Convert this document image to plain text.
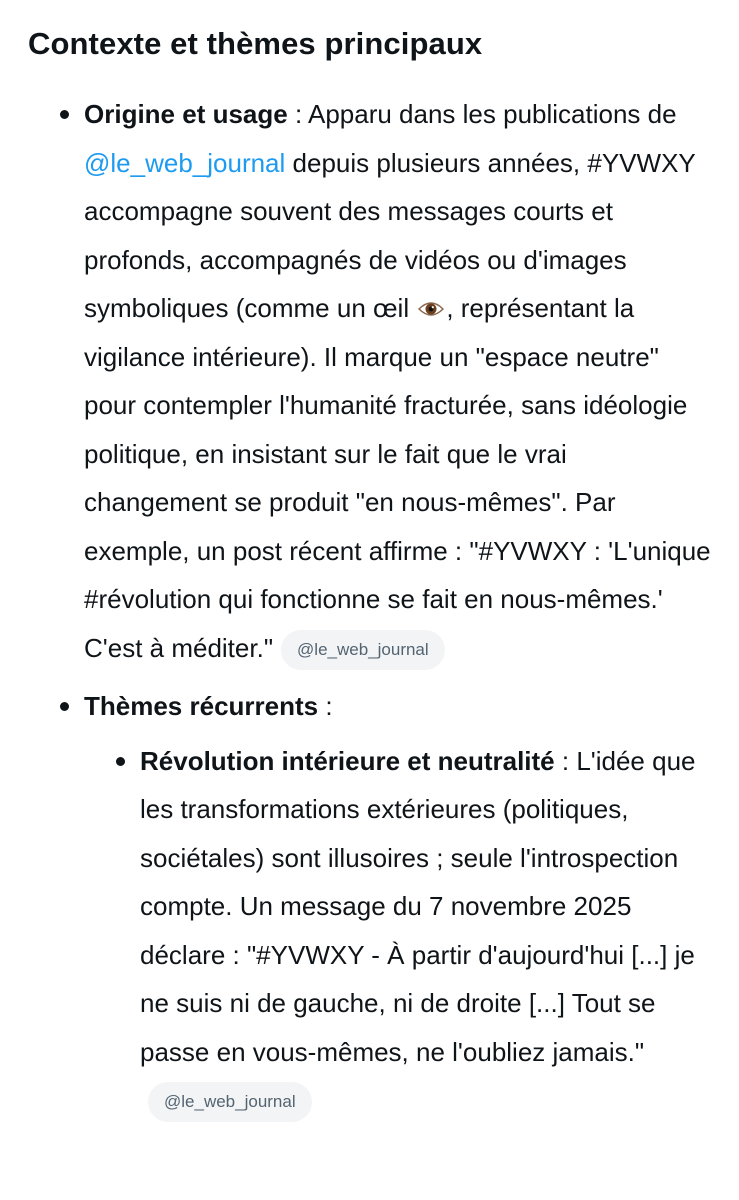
Contexte et thèmes principaux
Origine et usage : Apparu dans les publications de @le_web_journal depuis plusieurs années, #YVWXY accompagne souvent des messages courts et profonds, accompagnés de vidéos ou d'images symboliques (comme un œil
, représentant la vigilance intérieure). Il marque un "espace neutre" pour contempler l'humanité fracturée, sans idéologie politique, en insistant sur le fait que le vrai changement se produit "en nous-mêmes". Par exemple, un post récent affirme : "#YVWXY : 'L'unique #révolution qui fonctionne se fait en nous-mêmes.' C'est à méditer." @le_web_journal
Thèmes récurrents :
Révolution intérieure et neutralité : L'idée que les transformations extérieures (politiques, sociétales) sont illusoires ; seule l'introspection compte. Un message du 7 novembre 2025 déclare : "#YVWXY - À partir d'aujourd'hui [...] je ne suis ni de gauche, ni de droite [...] Tout se passe en vous-mêmes, ne l'oubliez jamais."@le_web_journal
